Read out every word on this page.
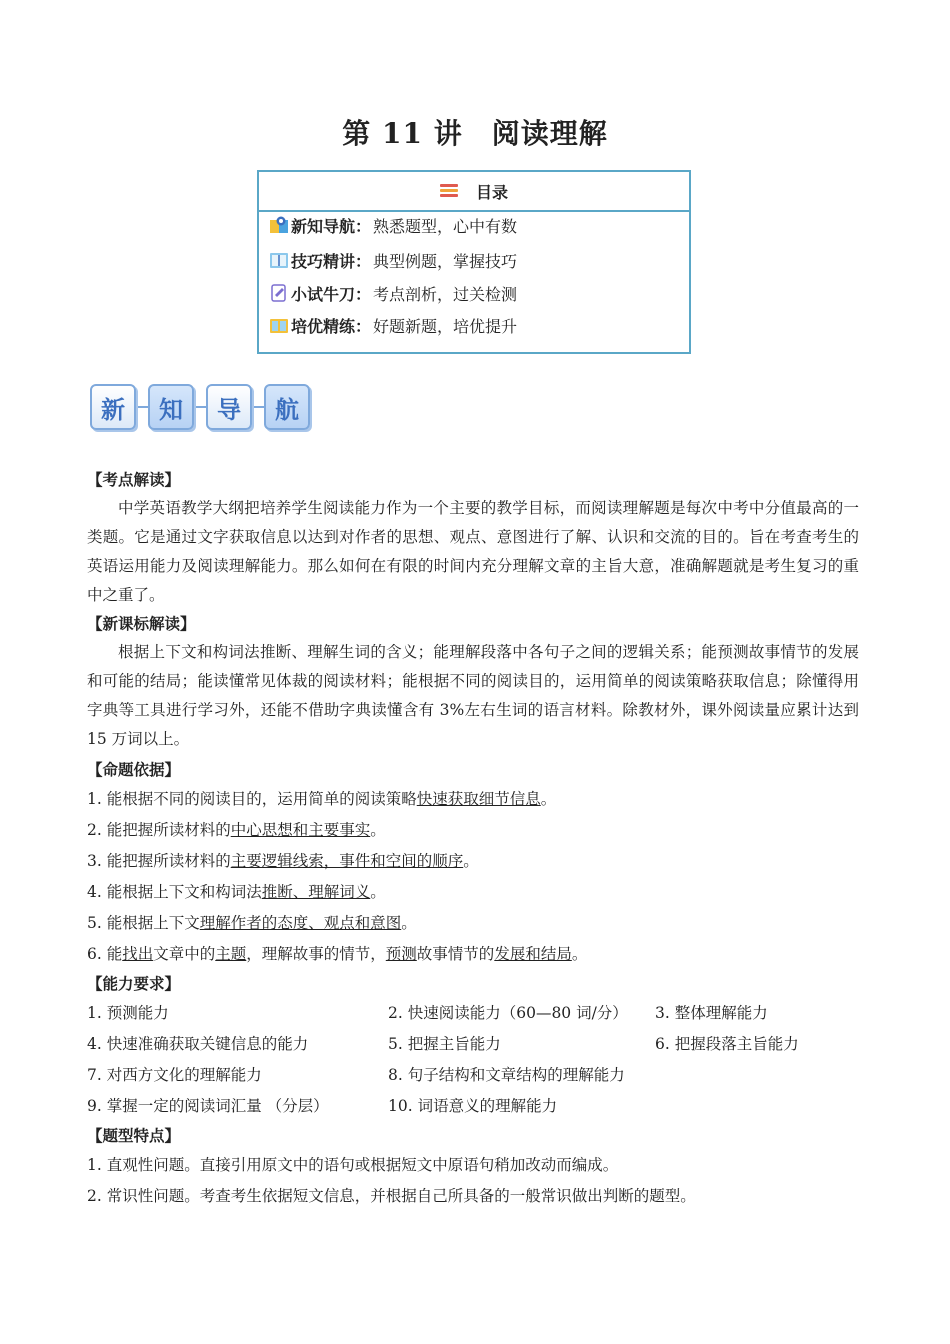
第 11 讲　阅读理解
目录
新知导航： 熟悉题型，心中有数
技巧精讲： 典型例题，掌握技巧
小试牛刀： 考点剖析，过关检测
培优精练： 好题新题，培优提升
新	知	导	航
【考点解读】
中学英语教学大纲把培养学生阅读能力作为一个主要的教学目标，而阅读理解题是每次中考中分值最高的一类题。它是通过文字获取信息以达到对作者的思想、观点、意图进行了解、认识和交流的目的。旨在考查考生的英语运用能力及阅读理解能力。那么如何在有限的时间内充分理解文章的主旨大意，准确解题就是考生复习的重中之重了。
【新课标解读】
根据上下文和构词法推断、理解生词的含义；能理解段落中各句子之间的逻辑关系；能预测故事情节的发展和可能的结局；能读懂常见体裁的阅读材料；能根据不同的阅读目的，运用简单的阅读策略获取信息；除懂得用字典等工具进行学习外，还能不借助字典读懂含有 3%左右生词的语言材料。除教材外，课外阅读量应累计达到 15 万词以上。
【命题依据】
1. 能根据不同的阅读目的，运用简单的阅读策略快速获取细节信息。
2. 能把握所读材料的中心思想和主要事实。
3. 能把握所读材料的主要逻辑线索，事件和空间的顺序。
4. 能根据上下文和构词法推断、理解词义。
5. 能根据上下文理解作者的态度、观点和意图。
6. 能找出文章中的主题，理解故事的情节，预测故事情节的发展和结局。
【能力要求】
1. 预测能力	2. 快速阅读能力（60—80 词/分） 3. 整体理解能力
4. 快速准确获取关键信息的能力	5. 把握主旨能力	6. 把握段落主旨能力
7. 对西方文化的理解能力	8. 句子结构和文章结构的理解能力
9. 掌握一定的阅读词汇量 （分层）	10. 词语意义的理解能力
【题型特点】
1. 直观性问题。直接引用原文中的语句或根据短文中原语句稍加改动而编成。
2. 常识性问题。考查考生依据短文信息，并根据自己所具备的一般常识做出判断的题型。
